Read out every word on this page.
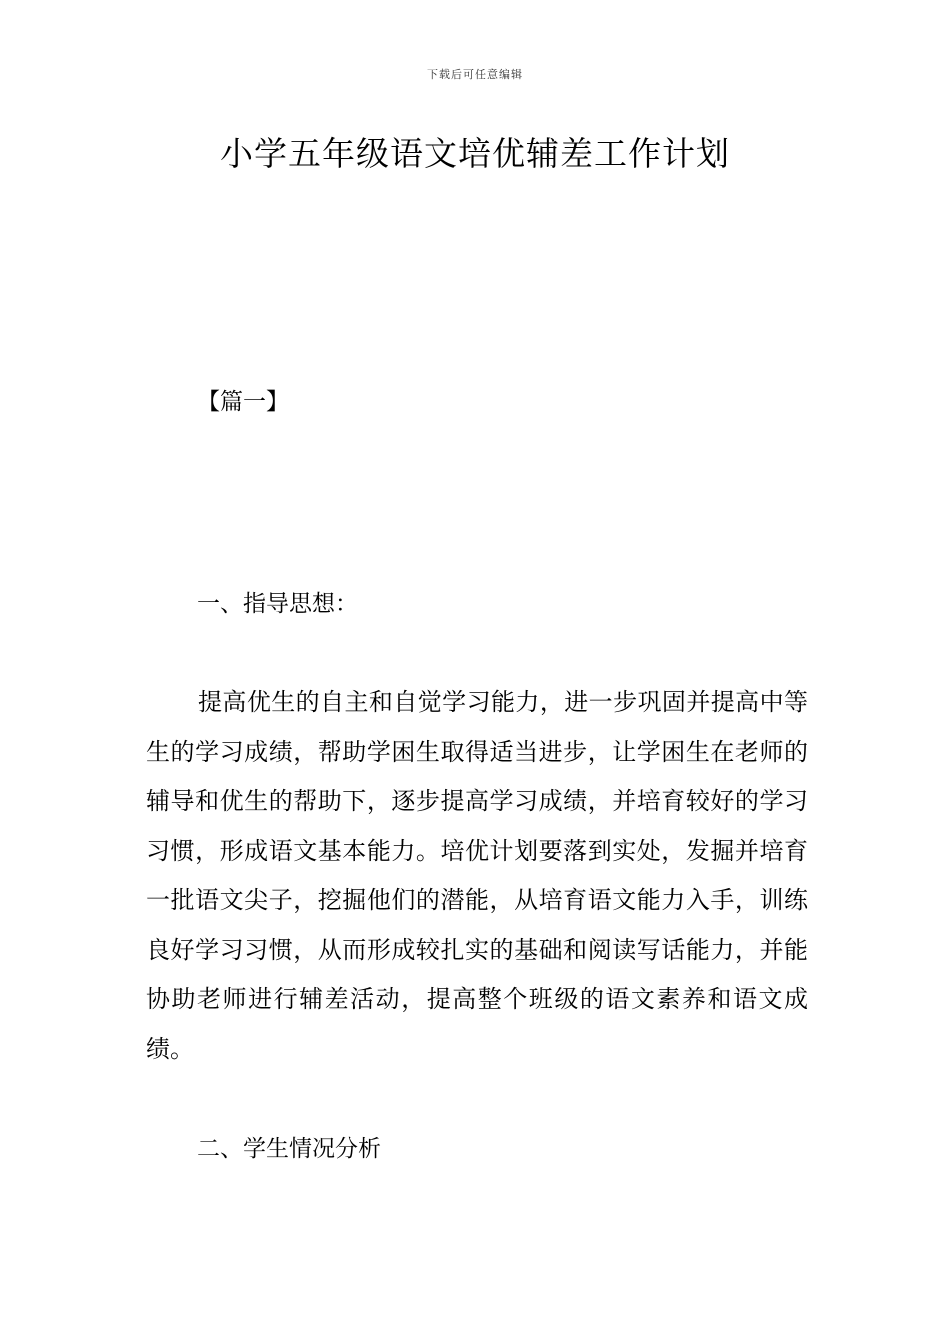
下载后可任意编辑
小学五年级语文培优辅差工作计划
【篇一】
一、指导思想：

提高优生的自主和自觉学习能力，进一步巩固并提高中等生的学习成绩，帮助学困生取得适当进步，让学困生在老师的辅导和优生的帮助下，逐步提高学习成绩，并培育较好的学习习惯，形成语文基本能力。培优计划要落到实处，发掘并培育一批语文尖子，挖掘他们的潜能，从培育语文能力入手，训练良好学习习惯，从而形成较扎实的基础和阅读写话能力，并能协助老师进行辅差活动，提高整个班级的语文素养和语文成绩。

二、学生情况分析
